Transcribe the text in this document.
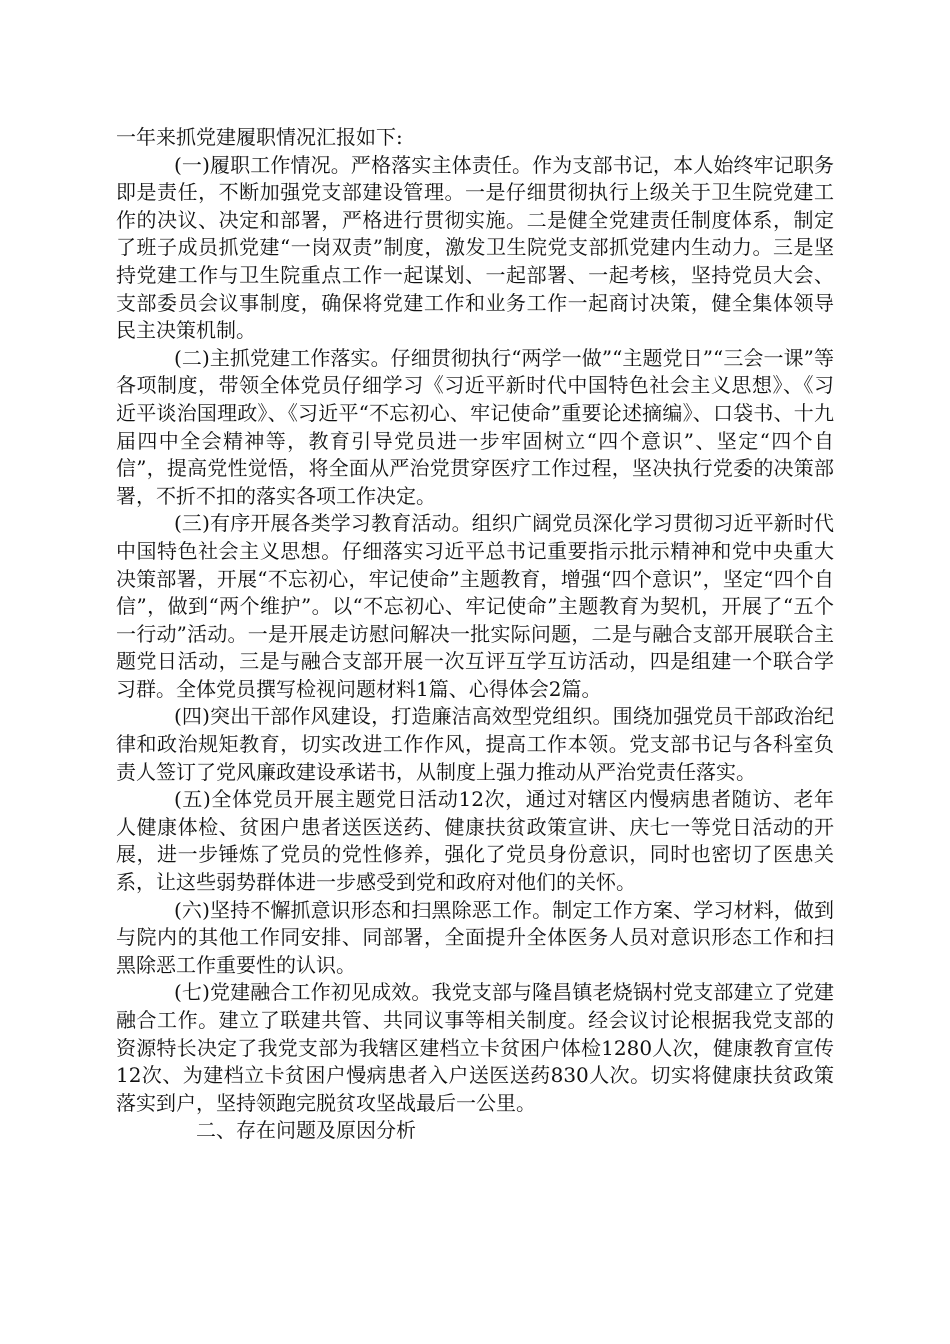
一年来抓党建履职情况汇报如下:

(一)履职工作情况。严格落实主体责任。作为支部书记，本人始终牢记职务即是责任，不断加强党支部建设管理。一是仔细贯彻执行上级关于卫生院党建工作的决议、决定和部署，严格进行贯彻实施。二是健全党建责任制度体系，制定了班子成员抓党建“一岗双责”制度，激发卫生院党支部抓党建内生动力。三是坚持党建工作与卫生院重点工作一起谋划、一起部署、一起考核，坚持党员大会、支部委员会议事制度，确保将党建工作和业务工作一起商讨决策，健全集体领导民主决策机制。

(二)主抓党建工作落实。仔细贯彻执行“两学一做”“主题党日”“三会一课”等各项制度，带领全体党员仔细学习《习近平新时代中国特色社会主义思想》、《习近平谈治国理政》、《习近平“不忘初心、牢记使命”重要论述摘编》、口袋书、十九届四中全会精神等，教育引导党员进一步牢固树立“四个意识”、坚定“四个自信”，提高党性觉悟，将全面从严治党贯穿医疗工作过程，坚决执行党委的决策部署，不折不扣的落实各项工作决定。

(三)有序开展各类学习教育活动。组织广阔党员深化学习贯彻习近平新时代中国特色社会主义思想。仔细落实习近平总书记重要指示批示精神和党中央重大决策部署，开展“不忘初心，牢记使命”主题教育，增强“四个意识”，坚定“四个自信”，做到“两个维护”。以“不忘初心、牢记使命”主题教育为契机，开展了“五个一行动”活动。一是开展走访慰问解决一批实际问题，二是与融合支部开展联合主题党日活动，三是与融合支部开展一次互评互学互访活动，四是组建一个联合学习群。全体党员撰写检视问题材料1篇、心得体会2篇。

(四)突出干部作风建设，打造廉洁高效型党组织。围绕加强党员干部政治纪律和政治规矩教育，切实改进工作作风，提高工作本领。党支部书记与各科室负责人签订了党风廉政建设承诺书，从制度上强力推动从严治党责任落实。

(五)全体党员开展主题党日活动12次，通过对辖区内慢病患者随访、老年人健康体检、贫困户患者送医送药、健康扶贫政策宣讲、庆七一等党日活动的开展，进一步锤炼了党员的党性修养，强化了党员身份意识，同时也密切了医患关系，让这些弱势群体进一步感受到党和政府对他们的关怀。

(六)坚持不懈抓意识形态和扫黑除恶工作。制定工作方案、学习材料，做到与院内的其他工作同安排、同部署，全面提升全体医务人员对意识形态工作和扫黑除恶工作重要性的认识。

(七)党建融合工作初见成效。我党支部与隆昌镇老烧锅村党支部建立了党建融合工作。建立了联建共管、共同议事等相关制度。经会议讨论根据我党支部的资源特长决定了我党支部为我辖区建档立卡贫困户体检1280人次，健康教育宣传12次、为建档立卡贫困户慢病患者入户送医送药830人次。切实将健康扶贫政策落实到户，坚持领跑完脱贫攻坚战最后一公里。

二、存在问题及原因分析
